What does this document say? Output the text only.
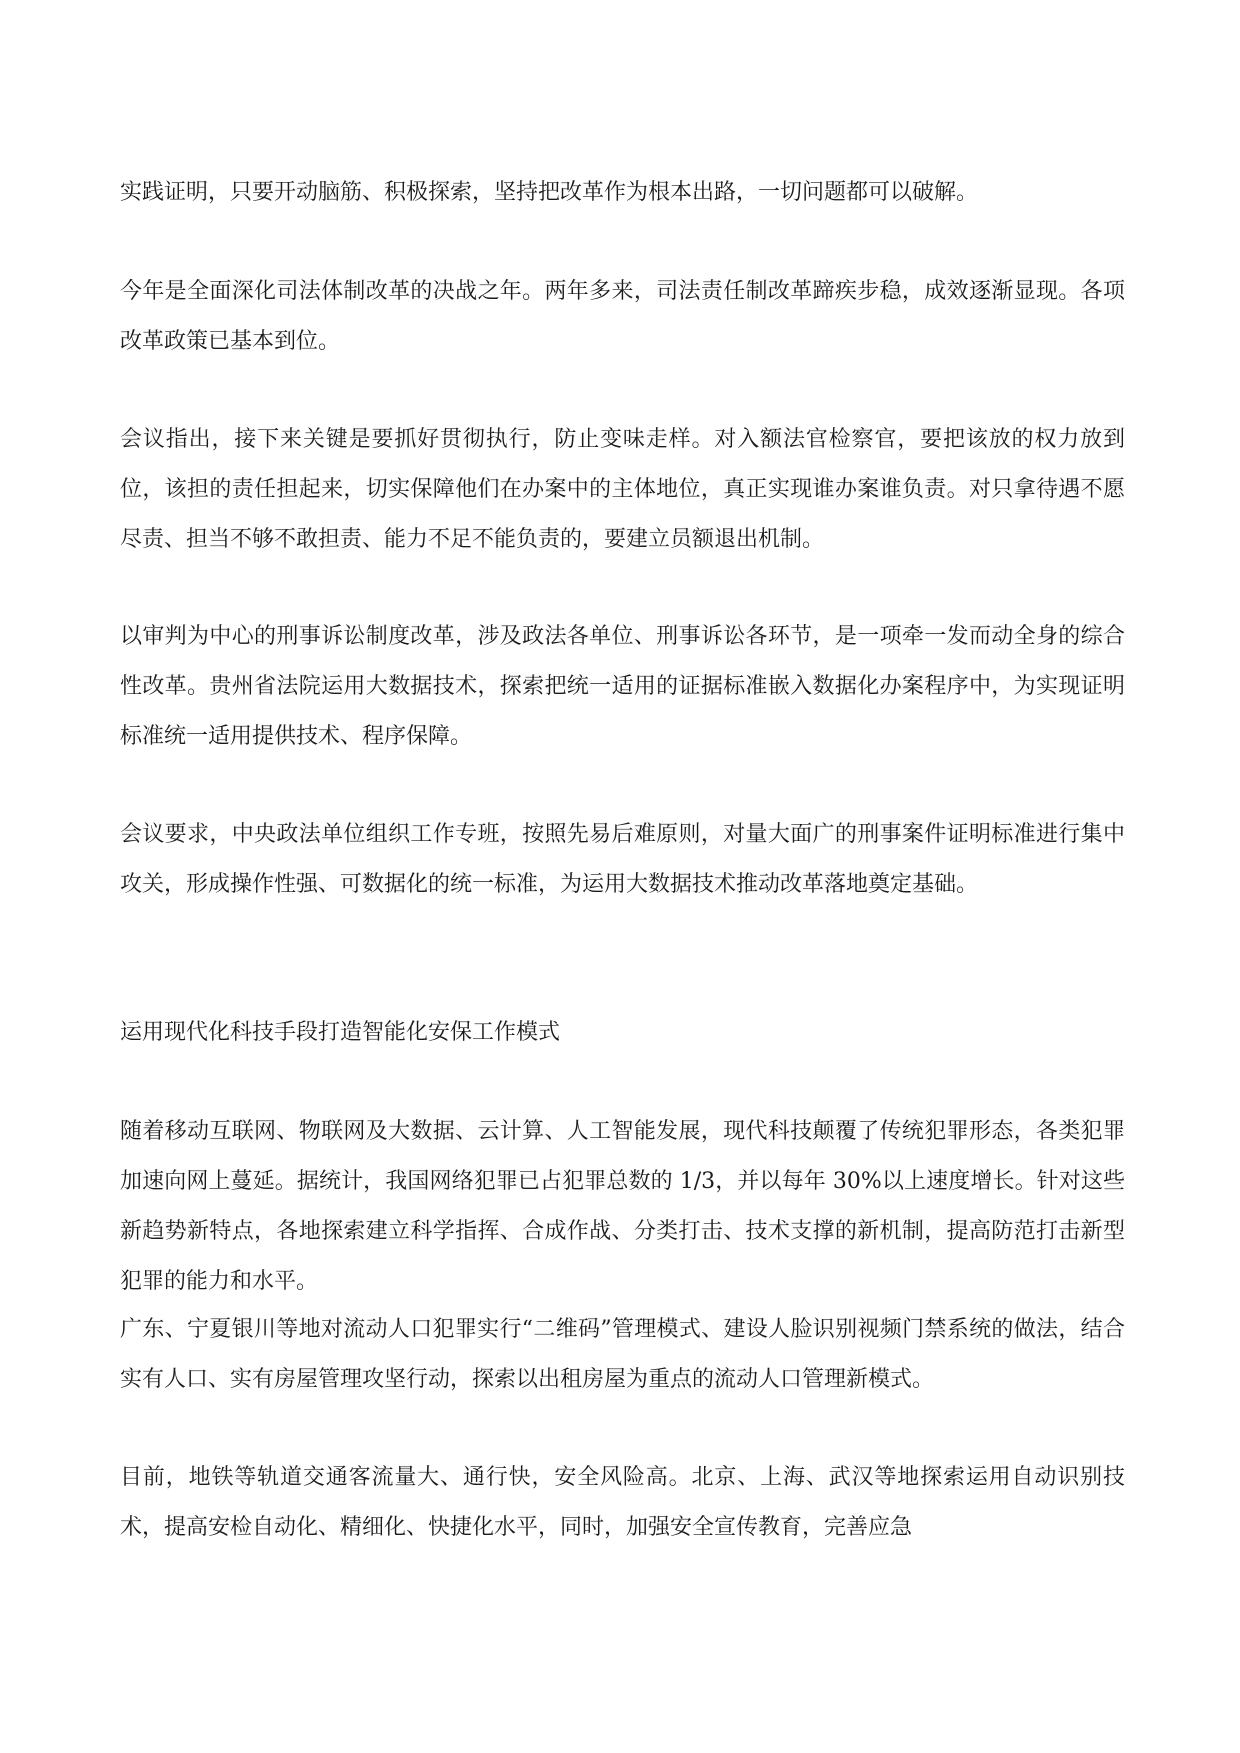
实践证明，只要开动脑筋、积极探索，坚持把改革作为根本出路，一切问题都可以破解。

今年是全面深化司法体制改革的决战之年。两年多来，司法责任制改革蹄疾步稳，成效逐渐显现。各项改革政策已基本到位。

会议指出，接下来关键是要抓好贯彻执行，防止变味走样。对入额法官检察官，要把该放的权力放到位，该担的责任担起来，切实保障他们在办案中的主体地位，真正实现谁办案谁负责。对只拿待遇不愿尽责、担当不够不敢担责、能力不足不能负责的，要建立员额退出机制。

以审判为中心的刑事诉讼制度改革，涉及政法各单位、刑事诉讼各环节，是一项牵一发而动全身的综合性改革。贵州省法院运用大数据技术，探索把统一适用的证据标准嵌入数据化办案程序中，为实现证明标准统一适用提供技术、程序保障。

会议要求，中央政法单位组织工作专班，按照先易后难原则，对量大面广的刑事案件证明标准进行集中攻关，形成操作性强、可数据化的统一标准，为运用大数据技术推动改革落地奠定基础。

运用现代化科技手段打造智能化安保工作模式

随着移动互联网、物联网及大数据、云计算、人工智能发展，现代科技颠覆了传统犯罪形态，各类犯罪加速向网上蔓延。据统计，我国网络犯罪已占犯罪总数的 1/3，并以每年 30%以上速度增长。针对这些新趋势新特点，各地探索建立科学指挥、合成作战、分类打击、技术支撑的新机制，提高防范打击新型犯罪的能力和水平。

广东、宁夏银川等地对流动人口犯罪实行“二维码”管理模式、建设人脸识别视频门禁系统的做法，结合实有人口、实有房屋管理攻坚行动，探索以出租房屋为重点的流动人口管理新模式。

目前，地铁等轨道交通客流量大、通行快，安全风险高。北京、上海、武汉等地探索运用自动识别技术，提高安检自动化、精细化、快捷化水平，同时，加强安全宣传教育，完善应急
